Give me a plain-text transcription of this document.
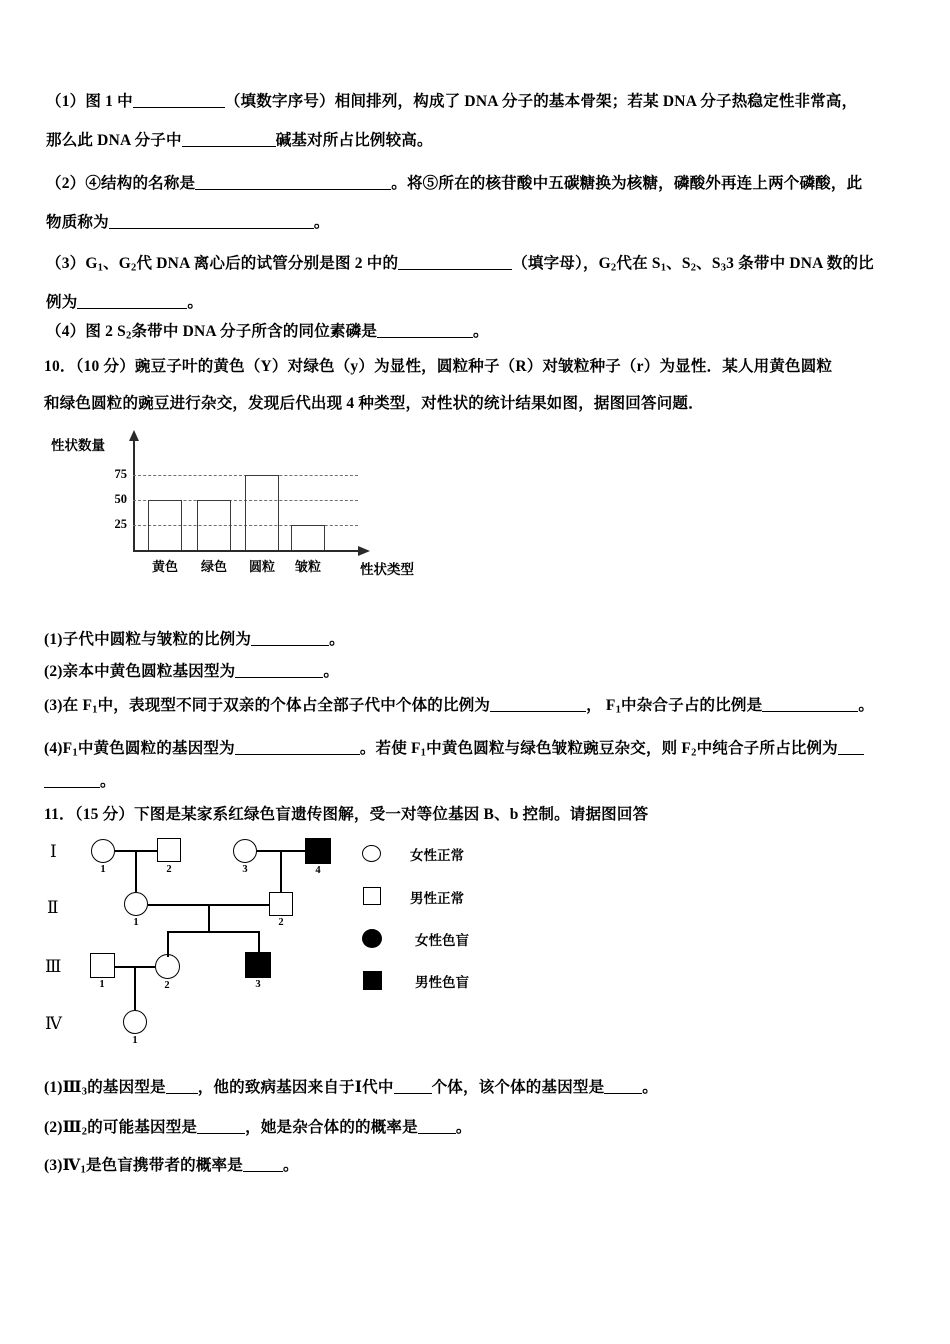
（1）图 1 中	（填数字序号）相间排列，构成了 DNA 分子的基本骨架；若某 DNA 分子热稳定性非常高，
那么此 DNA 分子中	碱基对所占比例较高。
（2）④结构的名称是	。将⑤所在的核苷酸中五碳糖换为核糖，磷酸外再连上两个磷酸，此
物质称为	。
$(3)G_1$、$G_2$代 DNA 离心后的试管分别是图 2 中的	（填字母），$G_2$代在 $S_1$、$S_2$、$S_33$ 条带中 DNA 数的比
例为	。
（4）图 2 $S_2$条带中 DNA 分子所含的同位素磷是	。
10．（10 分）豌豆子叶的黄色（Y）对绿色（y）为显性，圆粒种子（R）对皱粒种子（r）为显性．某人用黄色圆粒
和绿色圆粒的豌豆进行杂交，发现后代出现 4 种类型，对性状的统计结果如图，据图回答问题．
性状数量
75
50
25
黄色	绿色	圆粒	皱粒	性状类型
(1)子代中圆粒与皱粒的比例为	。
(2)亲本中黄色圆粒基因型为	。
(3)在 $F_1$中，表现型不同于双亲的个体占全部子代中个体的比例为	， $F_1$中杂合子占的比例是	。
$(4)F_1$中黄色圆粒的基因型为	。若使 $F_1$中黄色圆粒与绿色皱粒豌豆杂交，则 $F_2$中纯合子所占比例为
。
11．（15 分）下图是某家系红绿色盲遗传图解，受一对等位基因 B、b 控制。请据图回答
Ⅰ
Ⅱ
Ⅲ
Ⅳ
1	2	3	4
1	2
1	2	3
1
女性正常
男性正常
女性色盲
男性色盲
$(1)Ⅲ_3$的基因型是 ，他的致病基因来自于Ⅰ代中 个体，该个体的基因型是 。
$(2)Ⅲ_2$的可能基因型是	，她是杂合体的的概率是 。
$(3)Ⅳ_1$是色盲携带者的概率是	。
